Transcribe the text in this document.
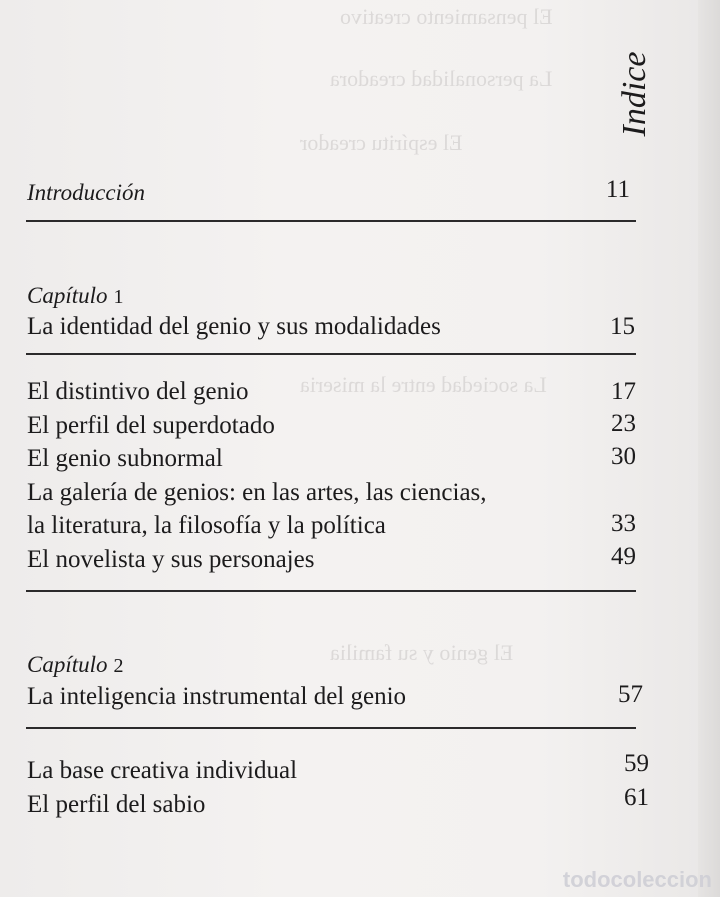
El pensamiento creativo
La personalidad creadora
El espíritu creador
La sociedad entre la miseria
El genio y su familia
Indice
Introducción	11
Capítulo 1
La identidad del genio y sus modalidades	15
El distintivo del genio	17
El perfil del superdotado	23
El genio subnormal	30
La galería de genios: en las artes, las ciencias,
la literatura, la filosofía y la política	33
El novelista y sus personajes	49
Capítulo 2
La inteligencia instrumental del genio	57
La base creativa individual	59
El perfil del sabio	61
todocoleccion
